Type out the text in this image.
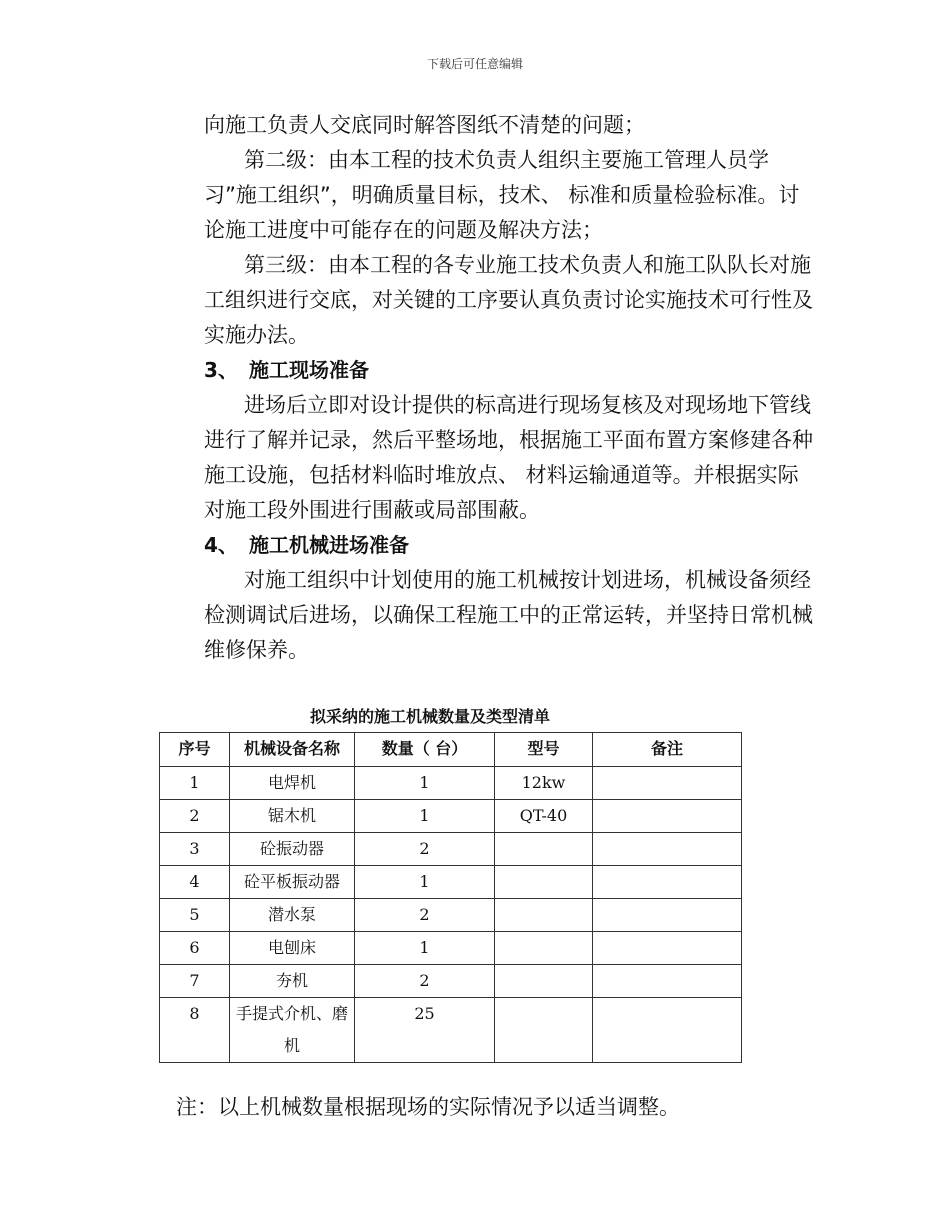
下载后可任意编辑

向施工负责人交底同时解答图纸不清楚的问题；

第二级：由本工程的技术负责人组织主要施工管理人员学习”施工组织”，明确质量目标，技术、 标准和质量检验标准。讨论施工进度中可能存在的问题及解决方法；

第三级：由本工程的各专业施工技术负责人和施工队队长对施工组织进行交底，对关键的工序要认真负责讨论实施技术可行性及实施办法。

3、 施工现场准备

进场后立即对设计提供的标高进行现场复核及对现场地下管线进行了解并记录，然后平整场地，根据施工平面布置方案修建各种施工设施，包括材料临时堆放点、 材料运输通道等。并根据实际对施工段外围进行围蔽或局部围蔽。

4、 施工机械进场准备

对施工组织中计划使用的施工机械按计划进场，机械设备须经检测调试后进场，以确保工程施工中的正常运转，并坚持日常机械维修保养。

拟采纳的施工机械数量及类型清单
序号	机械设备名称	数量（ 台）	型号	备注
1	电焊机	1	12kw	
2	锯木机	1	QT-40	
3	砼振动器	2		
4	砼平板振动器	1		
5	潜水泵	2		
6	电刨床	1		
7	夯机	2		
8	手提式介机、磨机	25		
注：以上机械数量根据现场的实际情况予以适当调整。
